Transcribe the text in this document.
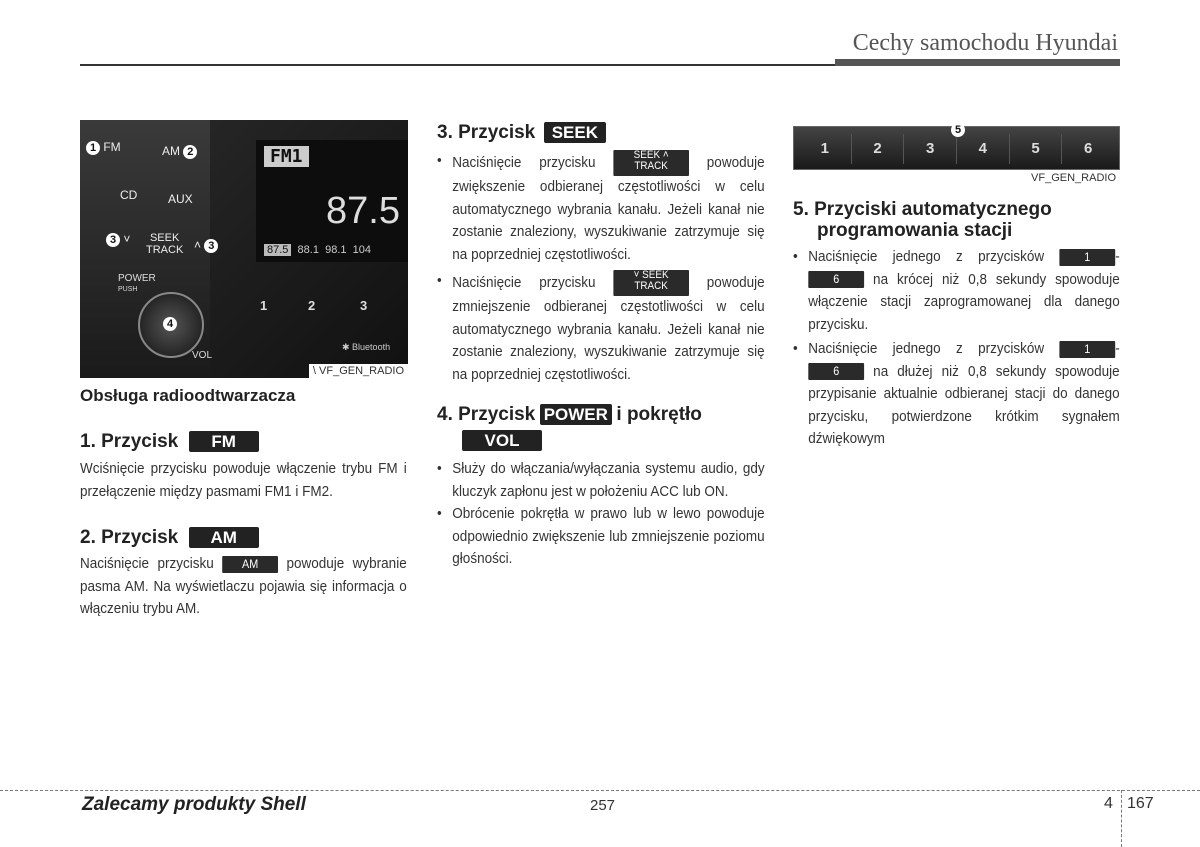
Cechy samochodu Hyundai
1 FM	AM 2
CD	AUX
3 ˅	SEEK
TRACK ˄ 3
POWER
PUSH
4
VOL
FM1
87.5
87.5 88.1 98.1 104
1	2	3
✱ Bluetooth
\ VF_GEN_RADIO
Obsługa radioodtwarzacza
1. Przycisk FM
Wciśnięcie przycisku powoduje włączenie trybu FM i przełączenie między pasmami FM1 i FM2.
2. Przycisk AM
Naciśnięcie przycisku AM powoduje wybranie pasma AM. Na wyświetlaczu pojawia się informacja o włączeniu trybu AM.
3. Przycisk SEEK
• Naciśnięcie przycisku	SEEK ˄
TRACK	powoduje zwiększenie odbieranej częstotliwości w celu automatycznego wybrania kanału. Jeżeli kanał nie zostanie znaleziony, wyszukiwanie zatrzymuje się na poprzedniej częstotliwości.
• Naciśnięcie przycisku	˅ SEEK
TRACK	powoduje zmniejszenie odbieranej częstotliwości w celu automatycznego wybrania kanału. Jeżeli kanał nie zostanie znaleziony, wyszukiwanie zatrzymuje się na poprzedniej częstotliwości.
4. Przycisk POWER i pokrętło
VOL
• Służy do włączania/wyłączania systemu audio, gdy kluczyk zapłonu jest w położeniu ACC lub ON.
• Obrócenie pokrętła w prawo lub w lewo powoduje odpowiednio zwiększenie lub zmniejszenie poziomu głośności.
1	2	3	4	5	6
5
VF_GEN_RADIO
5. Przyciski automatycznego programowania stacji
• Naciśnięcie jednego z przycisków	1 - 6 na krócej niż 0,8 sekundy spowoduje włączenie stacji zaprogramowanej dla danego przycisku.
• Naciśnięcie jednego z przycisków	1 - 6 na dłużej niż 0,8 sekundy spowoduje przypisanie aktualnie odbieranej stacji do danego przycisku, potwierdzone krótkim sygnałem dźwiękowym
Zalecamy produkty Shell	257	4 167
